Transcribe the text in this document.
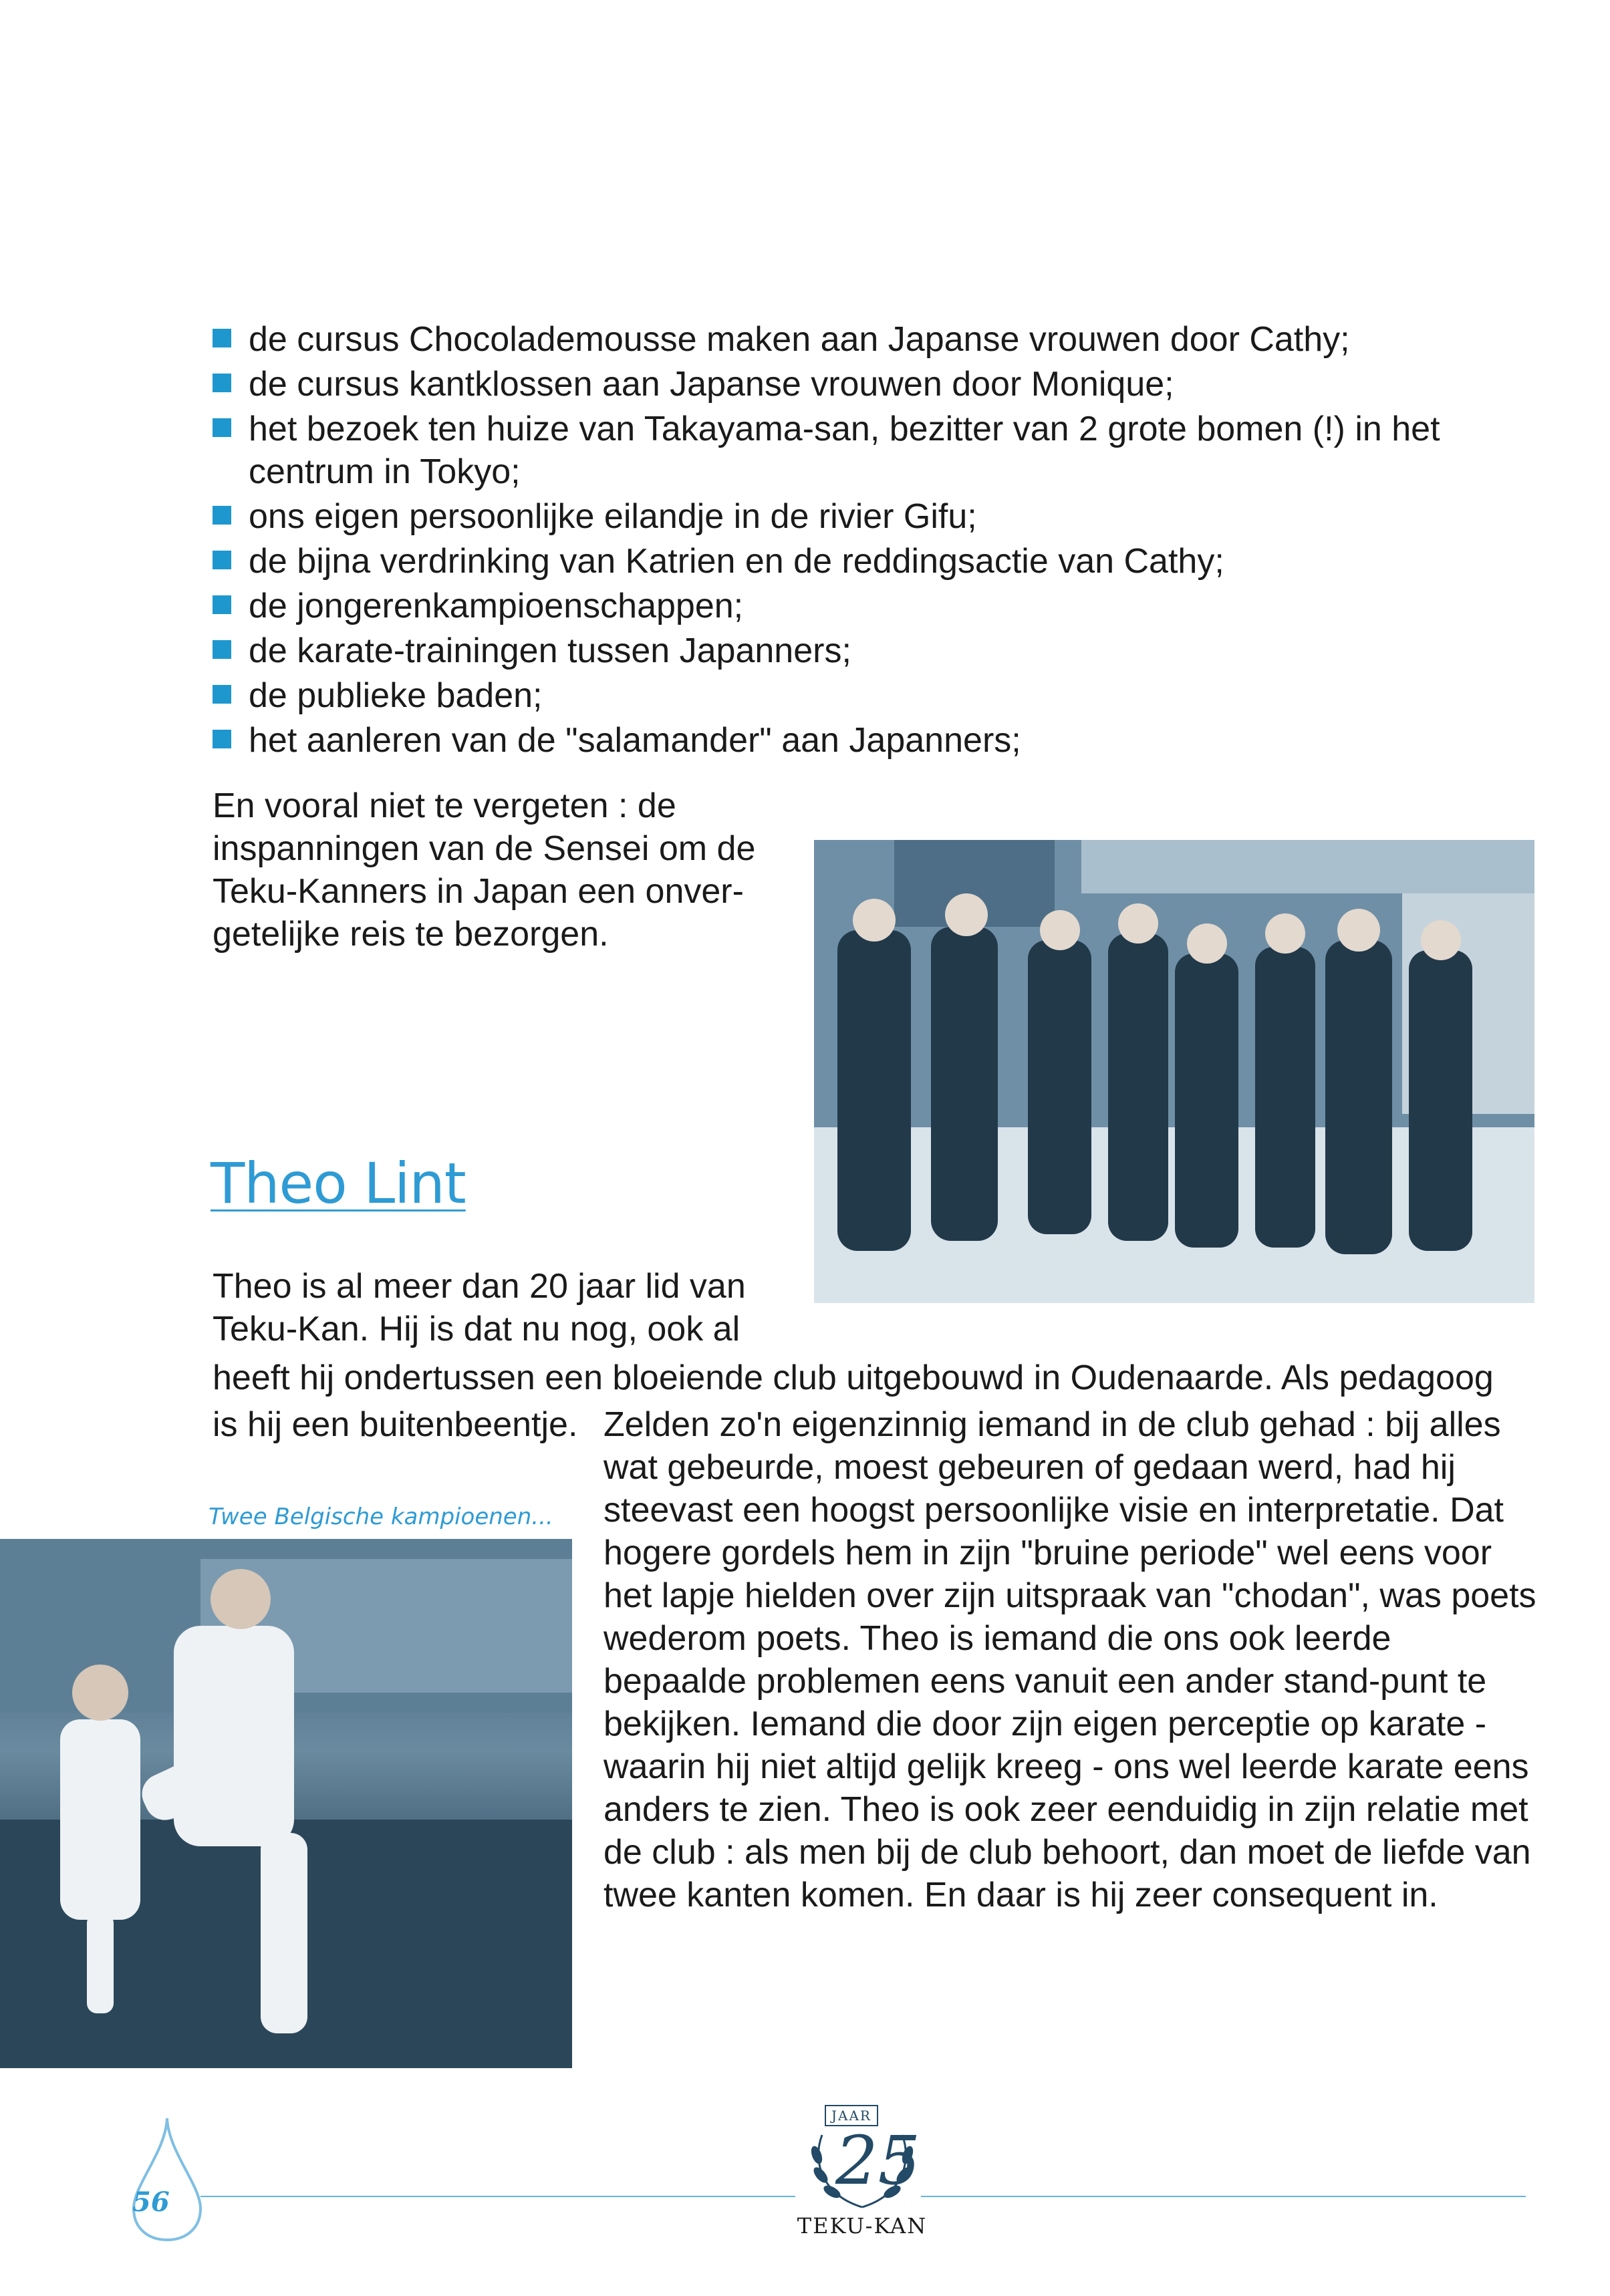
de cursus Chocolademousse maken aan Japanse vrouwen door Cathy;
de cursus kantklossen aan Japanse vrouwen door Monique;
het bezoek ten huize van Takayama-san, bezitter van 2 grote bomen (!) in het centrum in Tokyo;
ons eigen persoonlijke eilandje in de rivier Gifu;
de bijna verdrinking van Katrien en de reddingsactie van Cathy;
de jongerenkampioenschappen;
de karate-trainingen tussen Japanners;
de publieke baden;
het aanleren van de "salamander" aan Japanners;

En vooral niet te vergeten : de inspanningen van de Sensei om de Teku-Kanners in Japan een onver-getelijke reis te bezorgen.

Theo Lint

Theo is al meer dan 20 jaar lid van Teku-Kan. Hij is dat nu nog, ook al

heeft hij ondertussen een bloeiende club uitgebouwd in Oudenaarde. Als pedagoog

is hij een buitenbeentje. Zelden zo'n eigenzinnig iemand in de club gehad : bij alles wat gebeurde, moest gebeuren of gedaan werd, had hij steevast een hoogst persoonlijke visie en interpretatie. Dat hogere gordels hem in zijn "bruine periode" wel eens voor het lapje hielden over zijn uitspraak van "chodan", was poets wederom poets. Theo is iemand die ons ook leerde bepaalde problemen eens vanuit een ander stand-punt te bekijken. Iemand die door zijn eigen perceptie op karate - waarin hij niet altijd gelijk kreeg - ons wel leerde karate eens anders te zien. Theo is ook zeer eenduidig in zijn relatie met de club : als men bij de club behoort, dan moet de liefde van twee kanten komen. En daar is hij zeer consequent in.

Twee Belgische kampioenen...

56
JAAR
25
TEKU-KAN
